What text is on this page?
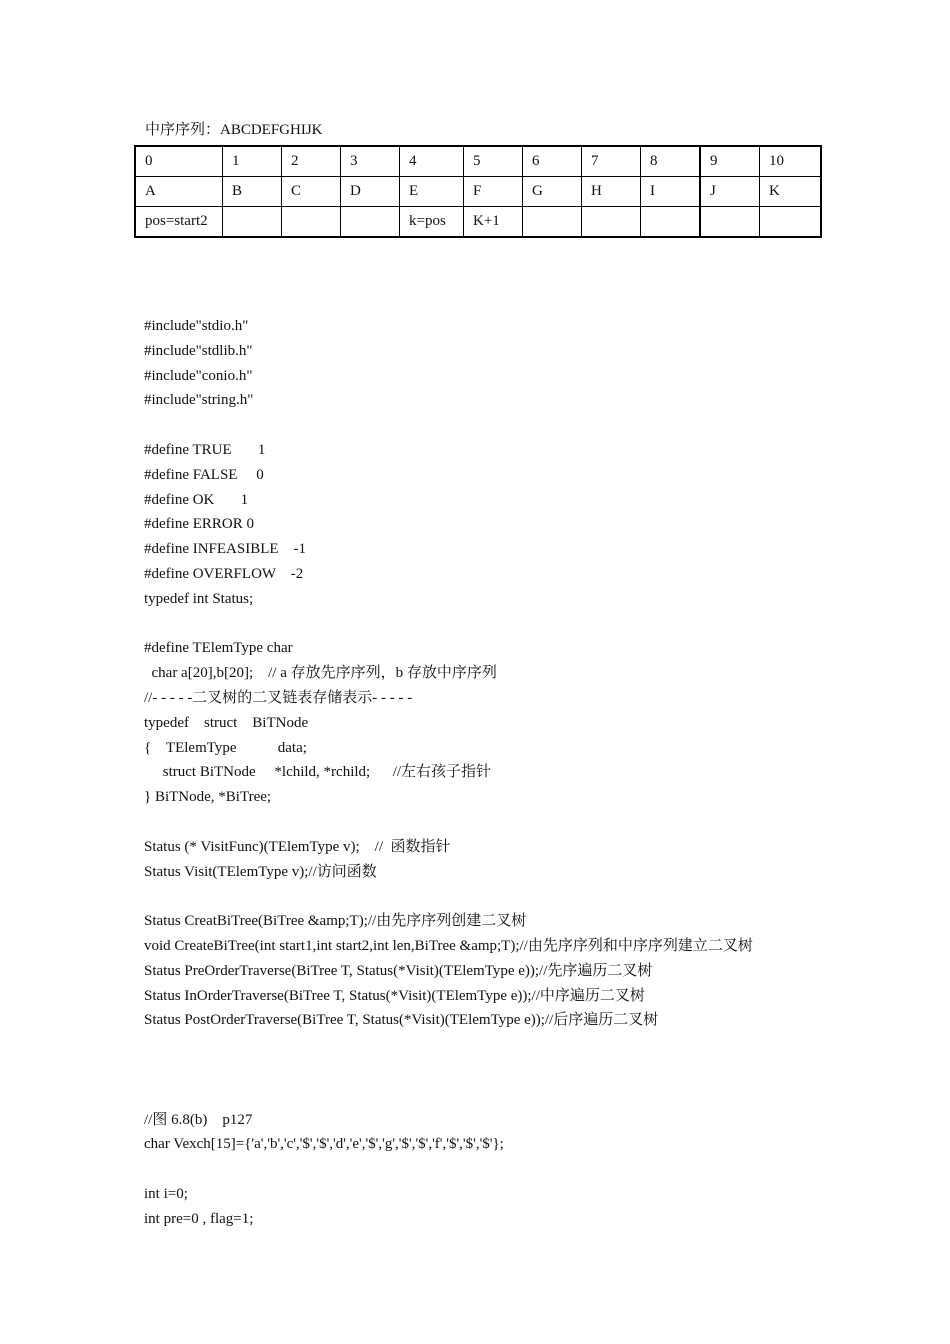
中序序列：ABCDEFGHIJK
0	1	2	3	4	5	6	7	8	9	10
A	B	C	D	E	F	G	H	I	J	K
pos=start2				k=pos	K+1					
#include"stdio.h"
#include"stdlib.h"
#include"conio.h"
#include"string.h"
#define TRUE       1
#define FALSE     0
#define OK       1
#define ERROR 0
#define INFEASIBLE    -1
#define OVERFLOW    -2
typedef int Status;
#define TElemType char
char a[20],b[20];    // a 存放先序序列，b 存放中序序列
//- - - - -二叉树的二叉链表存储表示- - - - -
typedef    struct    BiTNode
{    TElemType           data;
struct BiTNode     *lchild, *rchild;      //左右孩子指针
} BiTNode, *BiTree;
Status (* VisitFunc)(TElemType v);    //  函数指针
Status Visit(TElemType v);//访问函数
Status CreatBiTree(BiTree &amp;T);//由先序序列创建二叉树
void CreateBiTree(int start1,int start2,int len,BiTree &amp;T);//由先序序列和中序序列建立二叉树
Status PreOrderTraverse(BiTree T, Status(*Visit)(TElemType e));//先序遍历二叉树
Status InOrderTraverse(BiTree T, Status(*Visit)(TElemType e));//中序遍历二叉树
Status PostOrderTraverse(BiTree T, Status(*Visit)(TElemType e));//后序遍历二叉树
//图 6.8(b)    p127
char Vexch[15]={'a','b','c','$','$','d','e','$','g','$','$','f','$','$','$'};
int i=0;
int pre=0 , flag=1;
